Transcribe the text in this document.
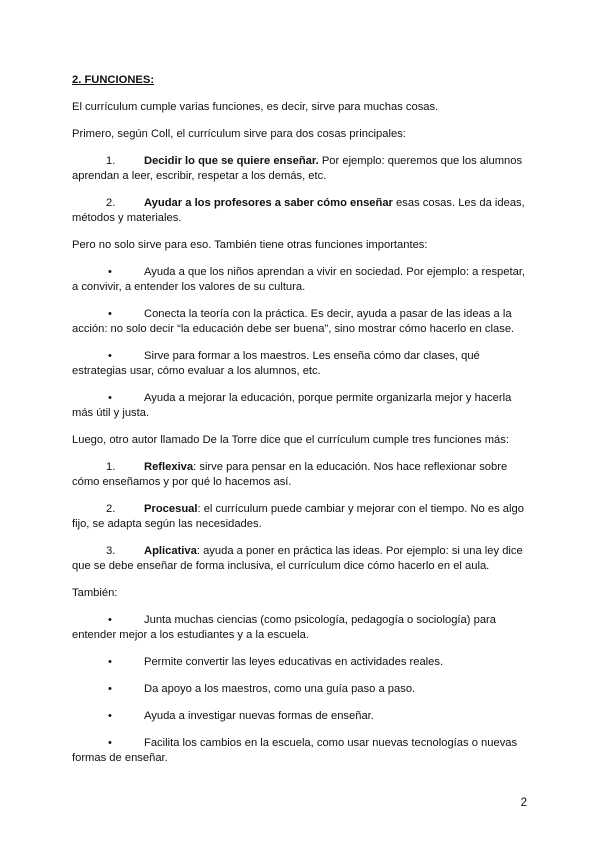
2. FUNCIONES:

El currículum cumple varias funciones, es decir, sirve para muchas cosas.

Primero, según Coll, el currículum sirve para dos cosas principales:

1.	Decidir lo que se quiere enseñar. Por ejemplo: queremos que los alumnos aprendan a leer, escribir, respetar a los demás, etc.

2.	Ayudar a los profesores a saber cómo enseñar esas cosas. Les da ideas, métodos y materiales.

Pero no solo sirve para eso. También tiene otras funciones importantes:

•	Ayuda a que los niños aprendan a vivir en sociedad. Por ejemplo: a respetar, a convivir, a entender los valores de su cultura.

•	Conecta la teoría con la práctica. Es decir, ayuda a pasar de las ideas a la acción: no solo decir “la educación debe ser buena”, sino mostrar cómo hacerlo en clase.

•	Sirve para formar a los maestros. Les enseña cómo dar clases, qué estrategias usar, cómo evaluar a los alumnos, etc.

•	Ayuda a mejorar la educación, porque permite organizarla mejor y hacerla más útil y justa.

Luego, otro autor llamado De la Torre dice que el currículum cumple tres funciones más:

1.	Reflexiva: sirve para pensar en la educación. Nos hace reflexionar sobre cómo enseñamos y por qué lo hacemos así.

2.	Procesual: el currículum puede cambiar y mejorar con el tiempo. No es algo fijo, se adapta según las necesidades.

3.	Aplicativa: ayuda a poner en práctica las ideas. Por ejemplo: si una ley dice que se debe enseñar de forma inclusiva, el currículum dice cómo hacerlo en el aula.

También:

•	Junta muchas ciencias (como psicología, pedagogía o sociología) para entender mejor a los estudiantes y a la escuela.

•	Permite convertir las leyes educativas en actividades reales.

•	Da apoyo a los maestros, como una guía paso a paso.

•	Ayuda a investigar nuevas formas de enseñar.

•	Facilita los cambios en la escuela, como usar nuevas tecnologías o nuevas formas de enseñar.

2
